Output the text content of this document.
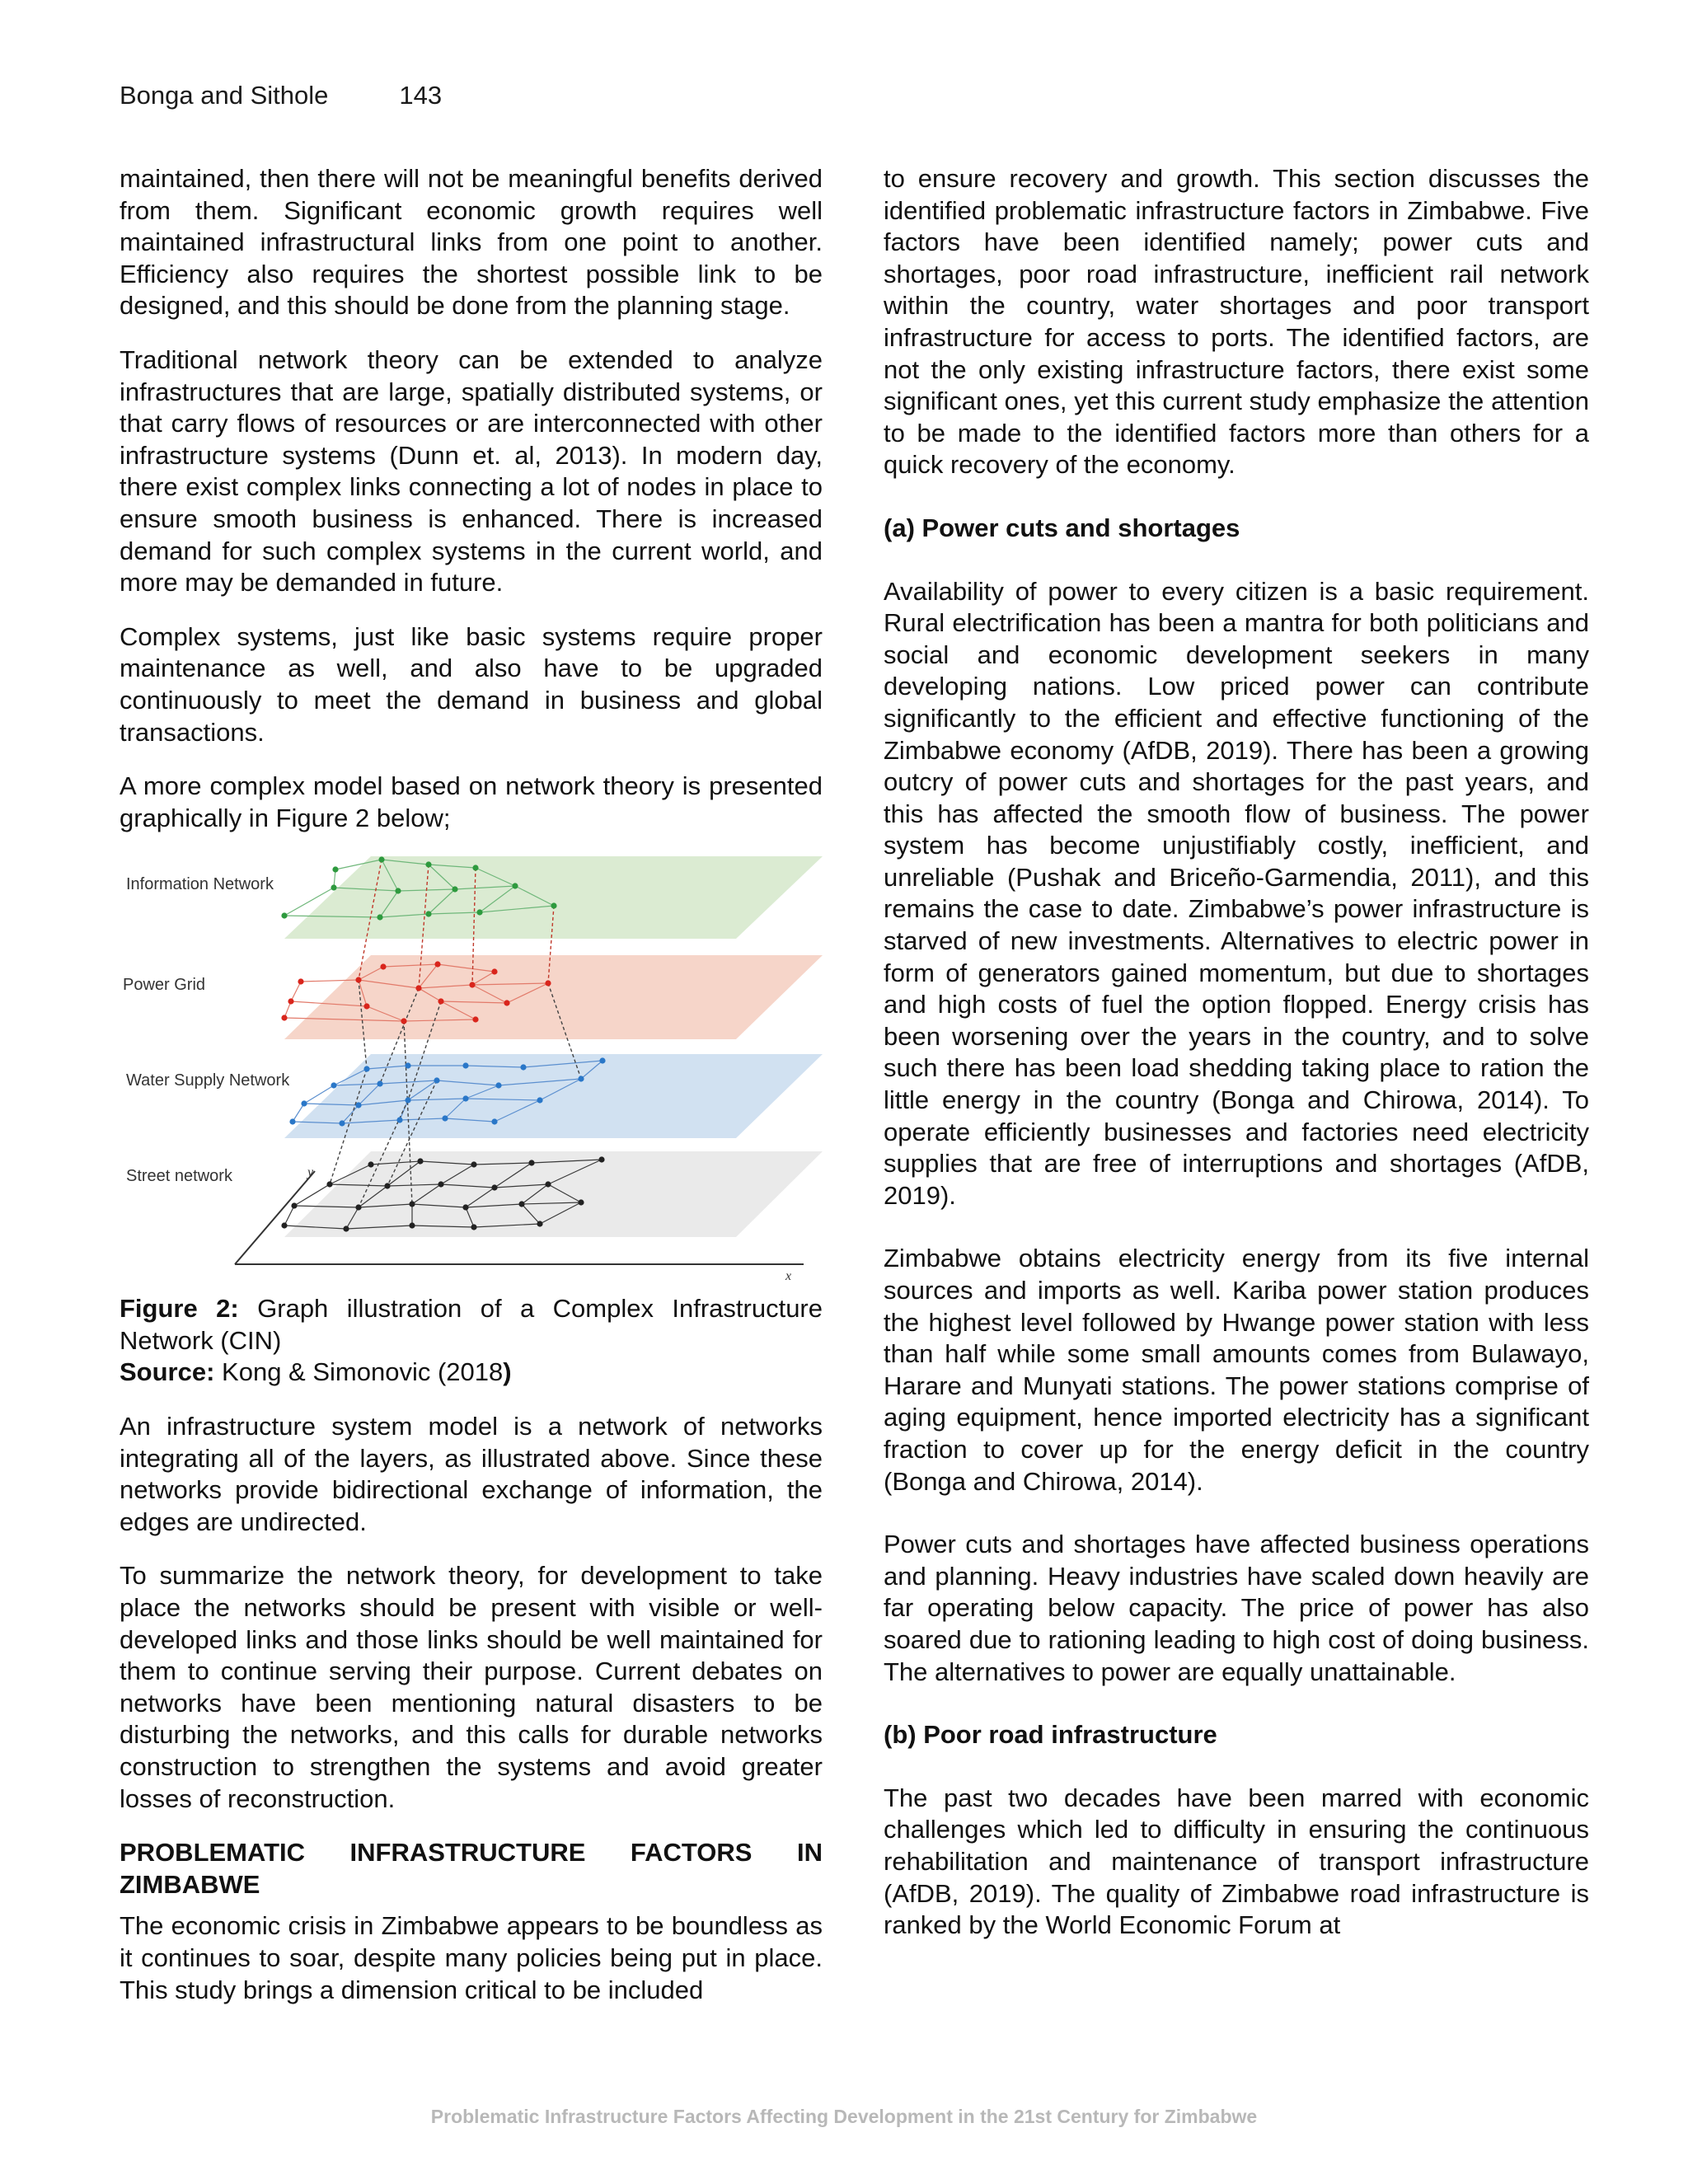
Bonga and Sithole	143

maintained, then there will not be meaningful benefits derived from them. Significant economic growth requires well maintained infrastructural links from one point to another. Efficiency also requires the shortest possible link to be designed, and this should be done from the planning stage.

Traditional network theory can be extended to analyze infrastructures that are large, spatially distributed systems, or that carry flows of resources or are interconnected with other infrastructure systems (Dunn et. al, 2013). In modern day, there exist complex links connecting a lot of nodes in place to ensure smooth business is enhanced. There is increased demand for such complex systems in the current world, and more may be demanded in future.

Complex systems, just like basic systems require proper maintenance as well, and also have to be upgraded continuously to meet the demand in business and global transactions.

A more complex model based on network theory is presented graphically in Figure 2 below;

y
x
Information Network
Power Grid
Water Supply Network
Street network
Figure 2: Graph illustration of a Complex Infrastructure Network (CIN)
Source: Kong & Simonovic (2018)

An infrastructure system model is a network of networks integrating all of the layers, as illustrated above. Since these networks provide bidirectional exchange of information, the edges are undirected.

To summarize the network theory, for development to take place the networks should be present with visible or well-developed links and those links should be well maintained for them to continue serving their purpose. Current debates on networks have been mentioning natural disasters to be disturbing the networks, and this calls for durable networks construction to strengthen the systems and avoid greater losses of reconstruction.

PROBLEMATIC INFRASTRUCTURE FACTORS IN ZIMBABWE

The economic crisis in Zimbabwe appears to be boundless as it continues to soar, despite many policies being put in place. This study brings a dimension critical to be included

to ensure recovery and growth. This section discusses the identified problematic infrastructure factors in Zimbabwe. Five factors have been identified namely; power cuts and shortages, poor road infrastructure, inefficient rail network within the country, water shortages and poor transport infrastructure for access to ports. The identified factors, are not the only existing infrastructure factors, there exist some significant ones, yet this current study emphasize the attention to be made to the identified factors more than others for a quick recovery of the economy.

(a) Power cuts and shortages

Availability of power to every citizen is a basic requirement. Rural electrification has been a mantra for both politicians and social and economic development seekers in many developing nations. Low priced power can contribute significantly to the efficient and effective functioning of the Zimbabwe economy (AfDB, 2019). There has been a growing outcry of power cuts and shortages for the past years, and this has affected the smooth flow of business. The power system has become unjustifiably costly, inefficient, and unreliable (Pushak and Briceño-Garmendia, 2011), and this remains the case to date. Zimbabwe’s power infrastructure is starved of new investments. Alternatives to electric power in form of generators gained momentum, but due to shortages and high costs of fuel the option flopped. Energy crisis has been worsening over the years in the country, and to solve such there has been load shedding taking place to ration the little energy in the country (Bonga and Chirowa, 2014). To operate efficiently businesses and factories need electricity supplies that are free of interruptions and shortages (AfDB, 2019).

Zimbabwe obtains electricity energy from its five internal sources and imports as well. Kariba power station produces the highest level followed by Hwange power station with less than half while some small amounts comes from Bulawayo, Harare and Munyati stations. The power stations comprise of aging equipment, hence imported electricity has a significant fraction to cover up for the energy deficit in the country (Bonga and Chirowa, 2014).

Power cuts and shortages have affected business operations and planning. Heavy industries have scaled down heavily are far operating below capacity. The price of power has also soared due to rationing leading to high cost of doing business. The alternatives to power are equally unattainable.

(b) Poor road infrastructure

The past two decades have been marred with economic challenges which led to difficulty in ensuring the continuous rehabilitation and maintenance of transport infrastructure (AfDB, 2019). The quality of Zimbabwe road infrastructure is ranked by the World Economic Forum at

Problematic Infrastructure Factors Affecting Development in the 21st Century for Zimbabwe
